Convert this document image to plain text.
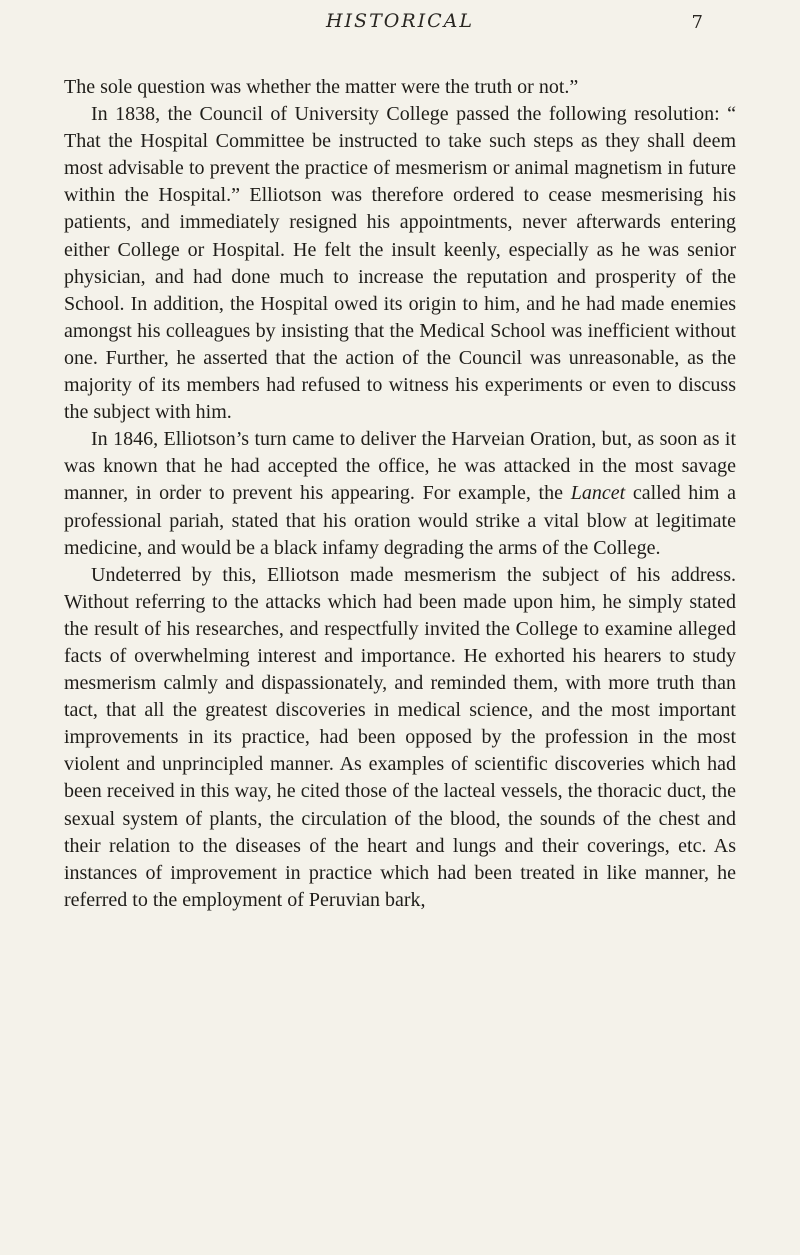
HISTORICAL	7

The sole question was whether the matter were the truth or not.”

In 1838, the Council of University College passed the following resolution: “ That the Hospital Committee be instructed to take such steps as they shall deem most advisable to prevent the practice of mesmerism or animal magnetism in future within the Hospital.” Elliotson was therefore ordered to cease mesmerising his patients, and immediately resigned his appointments, never afterwards entering either College or Hospital. He felt the insult keenly, especially as he was senior physician, and had done much to increase the reputation and prosperity of the School. In addition, the Hospital owed its origin to him, and he had made enemies amongst his colleagues by insisting that the Medical School was inefficient without one. Further, he asserted that the action of the Council was unreasonable, as the majority of its members had refused to witness his experiments or even to discuss the subject with him.

In 1846, Elliotson’s turn came to deliver the Harveian Oration, but, as soon as it was known that he had accepted the office, he was attacked in the most savage manner, in order to prevent his appearing. For example, the Lancet called him a professional pariah, stated that his oration would strike a vital blow at legitimate medicine, and would be a black infamy degrading the arms of the College.

Undeterred by this, Elliotson made mesmerism the subject of his address. Without referring to the attacks which had been made upon him, he simply stated the result of his researches, and respectfully invited the College to examine alleged facts of overwhelming interest and importance. He exhorted his hearers to study mesmerism calmly and dispassionately, and reminded them, with more truth than tact, that all the greatest discoveries in medical science, and the most important improvements in its practice, had been opposed by the profession in the most violent and unprincipled manner. As examples of scientific discoveries which had been received in this way, he cited those of the lacteal vessels, the thoracic duct, the sexual system of plants, the circulation of the blood, the sounds of the chest and their relation to the diseases of the heart and lungs and their coverings, etc. As instances of improvement in practice which had been treated in like manner, he referred to the employment of Peruvian bark,
